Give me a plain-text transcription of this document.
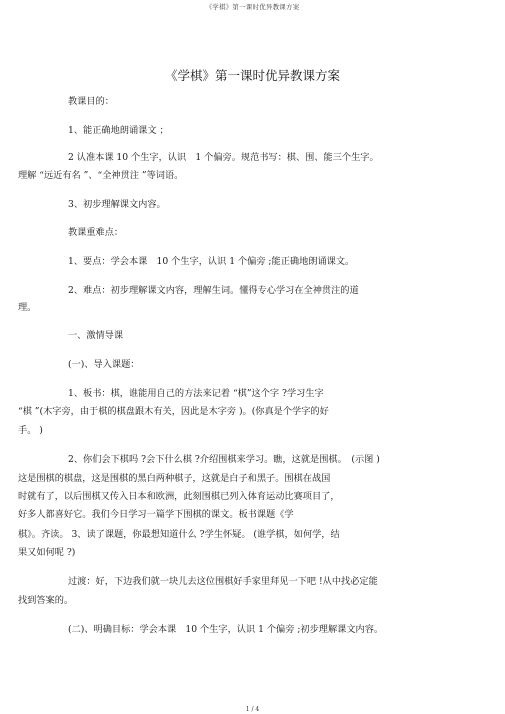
《学棋》第一课时优异教课方案
《学棋》第一课时优异教课方案
教课目的：
1、能正确地朗诵课文 ；
2 认准本课 10 个生字，认识　1 个偏旁。规范书写：棋、围、能三个生字。
理解 “远近有名 ”、“全神贯注 ”等词语。
3、初步理解课文内容。
教课重难点：
1、要点：学会本课　10 个生字，认识 1 个偏旁 ;能正确地朗诵课文。
2、难点：初步理解课文内容，理解生词。懂得专心学习在全神贯注的道
理。
一、激情导课
(一)、导入课题：
1、板书：棋，谁能用自己的方法来记着 “棋”这个字 ?学习生字
“棋 ”(木字旁，由于棋的棋盘跟木有关，因此是木字旁 )。(你真是个学字的好
手。 )
2、你们会下棋吗 ?会下什么棋 ?介绍围棋来学习。瞧，这就是围棋。　(示图 )
这是围棋的棋盘，这是围棋的黑白两种棋子，这就是白子和黑子。围棋在战国
时就有了，以后围棋又传入日本和欧洲，此刻围棋已列入体育运动比赛项目了，
好多人都喜好它。我们今日学习一篇学下围棋的课文。板书课题《学
棋》。齐读。 3、读了课题，你最想知道什么 ?学生怀疑。 (谁学棋，如何学，结
果又如何呢 ?)
过渡：好，下边我们就一块儿去这位围棋好手家里拜见一下吧 !从中找必定能
找到答案的。
(二)、明确目标：学会本课　10 个生字，认识 1 个偏旁 ;初步理解课文内容。
1 / 4
